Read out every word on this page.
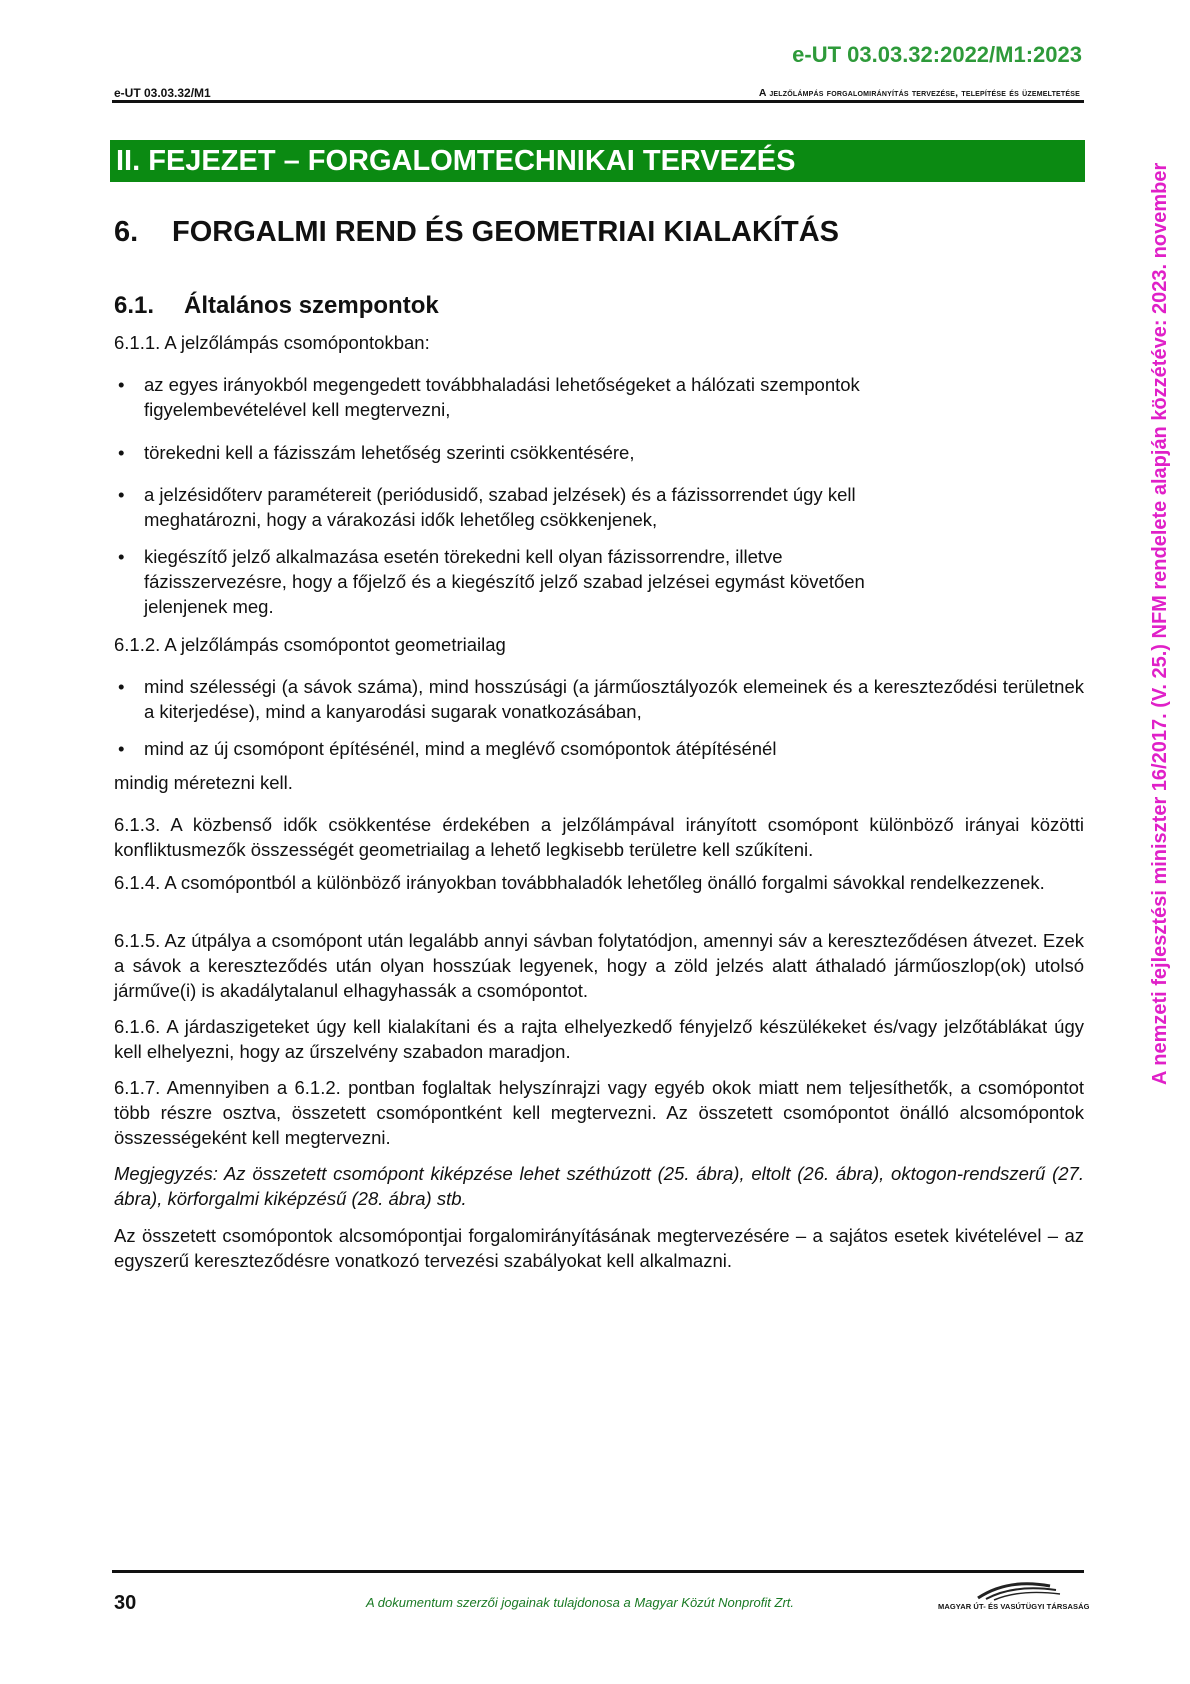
e-UT 03.03.32:2022/M1:2023
e-UT 03.03.32/M1	A jelzőlámpás forgalomirányítás tervezése, telepítése és üzemeltetése
II. FEJEZET – FORGALOMTECHNIKAI TERVEZÉS
6. FORGALMI REND ÉS GEOMETRIAI KIALAKÍTÁS
6.1. Általános szempontok
6.1.1. A jelzőlámpás csomópontokban:
• az egyes irányokból megengedett továbbhaladási lehetőségeket a hálózati szempontok figyelembevételével kell megtervezni,
• törekedni kell a fázisszám lehetőség szerinti csökkentésére,
• a jelzésidőterv paramétereit (periódusidő, szabad jelzések) és a fázissorrendet úgy kell meghatározni, hogy a várakozási idők lehetőleg csökkenjenek,
• kiegészítő jelző alkalmazása esetén törekedni kell olyan fázissorrendre, illetve fázisszervezésre, hogy a főjelző és a kiegészítő jelző szabad jelzései egymást követően jelenjenek meg.
6.1.2. A jelzőlámpás csomópontot geometriailag
• mind szélességi (a sávok száma), mind hosszúsági (a járműosztályozók elemeinek és a kereszteződési területnek a kiterjedése), mind a kanyarodási sugarak vonatkozásában,
• mind az új csomópont építésénél, mind a meglévő csomópontok átépítésénél
mindig méretezni kell.
6.1.3. A közbenső idők csökkentése érdekében a jelzőlámpával irányított csomópont különböző irányai közötti konfliktusmezők összességét geometriailag a lehető legkisebb területre kell szűkíteni.
6.1.4. A csomópontból a különböző irányokban továbbhaladók lehetőleg önálló forgalmi sávokkal rendelkezzenek.
6.1.5. Az útpálya a csomópont után legalább annyi sávban folytatódjon, amennyi sáv a kereszteződésen átvezet. Ezek a sávok a kereszteződés után olyan hosszúak legyenek, hogy a zöld jelzés alatt áthaladó járműoszlop(ok) utolsó járműve(i) is akadálytalanul elhagyhassák a csomópontot.
6.1.6. A járdaszigeteket úgy kell kialakítani és a rajta elhelyezkedő fényjelző készülékeket és/vagy jelzőtáblákat úgy kell elhelyezni, hogy az űrszelvény szabadon maradjon.
6.1.7. Amennyiben a 6.1.2. pontban foglaltak helyszínrajzi vagy egyéb okok miatt nem teljesíthetők, a csomópontot több részre osztva, összetett csomópontként kell megtervezni. Az összetett csomópontot önálló alcsomópontok összességeként kell megtervezni.
Megjegyzés: Az összetett csomópont kiképzése lehet széthúzott (25. ábra), eltolt (26. ábra), oktogon-rendszerű (27. ábra), körforgalmi kiképzésű (28. ábra) stb.
Az összetett csomópontok alcsomópontjai forgalomirányításának megtervezésére – a sajátos esetek kivételével – az egyszerű kereszteződésre vonatkozó tervezési szabályokat kell alkalmazni.
A nemzeti fejlesztési miniszter 16/2017. (V. 25.) NFM rendelete alapján közzétéve: 2023. november
30	A dokumentum szerzői jogainak tulajdonosa a Magyar Közút Nonprofit Zrt.	MAGYAR ÚT- ÉS VASÚTÜGYI TÁRSASÁG
